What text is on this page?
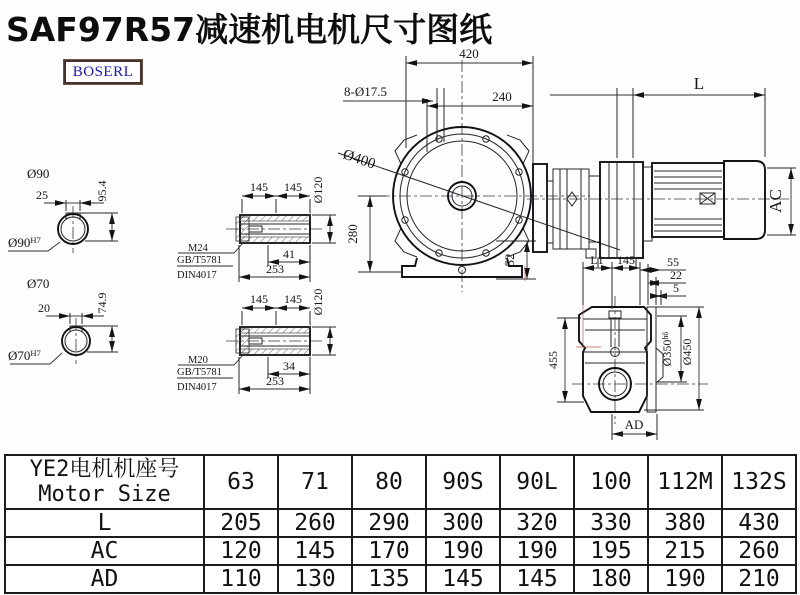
Ø90
25	95.4
$Ø90^{H7}$
Ø70
20	74.9
$Ø70^{H7}$
145 145 Ø120
M24
GB/T5781
DIN4017
41
253
145 145 Ø120
M20
GB/T5781
DIN4017
34
253
Ø400
420
240
8-Ø17.5
280
52
L
AC
L1 145	55
22
5
455	$Ø350^{h6}$
Ø450
AD
SAF97R57减速机电机尺寸图纸
BOSERL
YE2电机机座号
Motor Size	63	71	80	90S	90L	100	112M	132S
L	205	260	290	300	320	330	380	430
AC	120	145	170	190	190	195	215	260
AD	110	130	135	145	145	180	190	210
